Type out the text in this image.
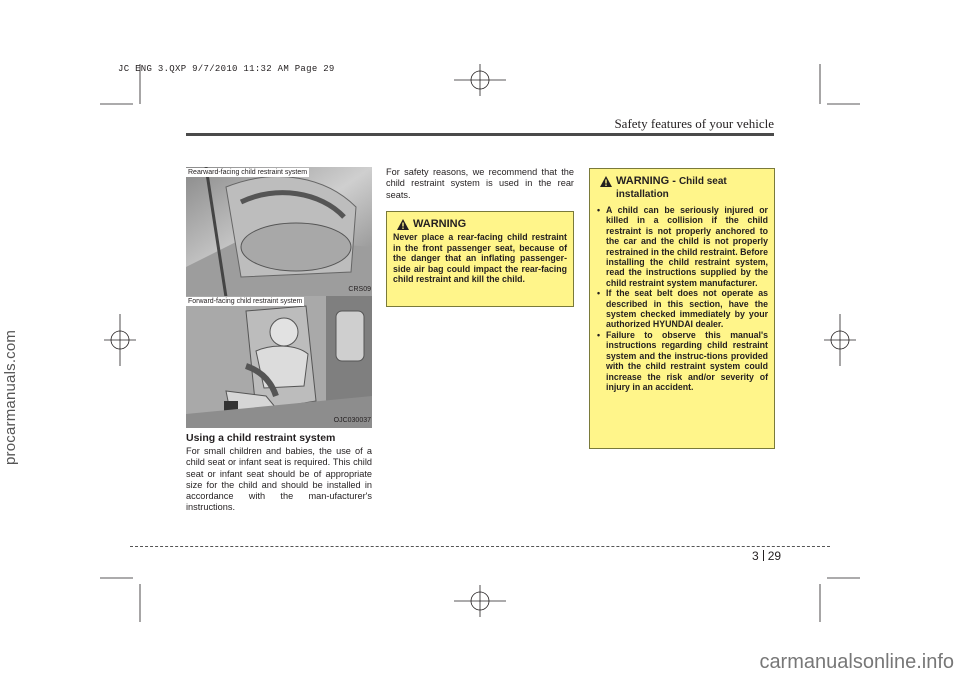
JC ENG 3.QXP 9/7/2010 11:32 AM Page 29
procarmanuals.com
carmanualsonline.info
Safety features of your vehicle
Rearward-facing child restraint system
CRS09
Forward-facing child restraint system
OJC030037
Using a child restraint system
For small children and babies, the use of a child seat or infant seat is required. This child seat or infant seat should be of appropriate size for the child and should be installed in accordance with the man-ufacturer's instructions.
For safety reasons, we recommend that the child restraint system is used in the rear seats.
WARNING
Never place a rear-facing child restraint in the front passenger seat, because of the danger that an inflating passenger-side air bag could impact the rear-facing child restraint and kill the child.
WARNING - Child seat installation
• A child can be seriously injured or killed in a collision if the child restraint is not properly anchored to the car and the child is not properly restrained in the child restraint. Before installing the child restraint system, read the instructions supplied by the child restraint system manufacturer.
• If the seat belt does not operate as described in this section, have the system checked immediately by your authorized HYUNDAI dealer.
• Failure to observe this manual's instructions regarding child restraint system and the instruc-tions provided with the child restraint system could increase the risk and/or severity of injury in an accident.
3 29
